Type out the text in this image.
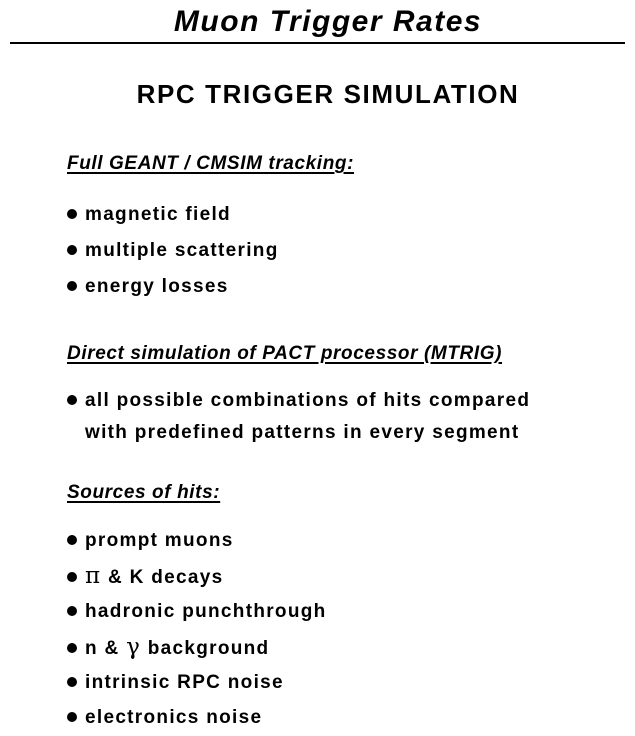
Muon Trigger Rates
RPC TRIGGER SIMULATION
Full GEANT / CMSIM tracking:
magnetic field
multiple scattering
energy losses
Direct simulation of PACT processor (MTRIG)
all possible combinations of hits compared
with predefined patterns in every segment
Sources of hits:
prompt muons
π & K decays
hadronic punchthrough
n & γ background
intrinsic RPC noise
electronics noise
